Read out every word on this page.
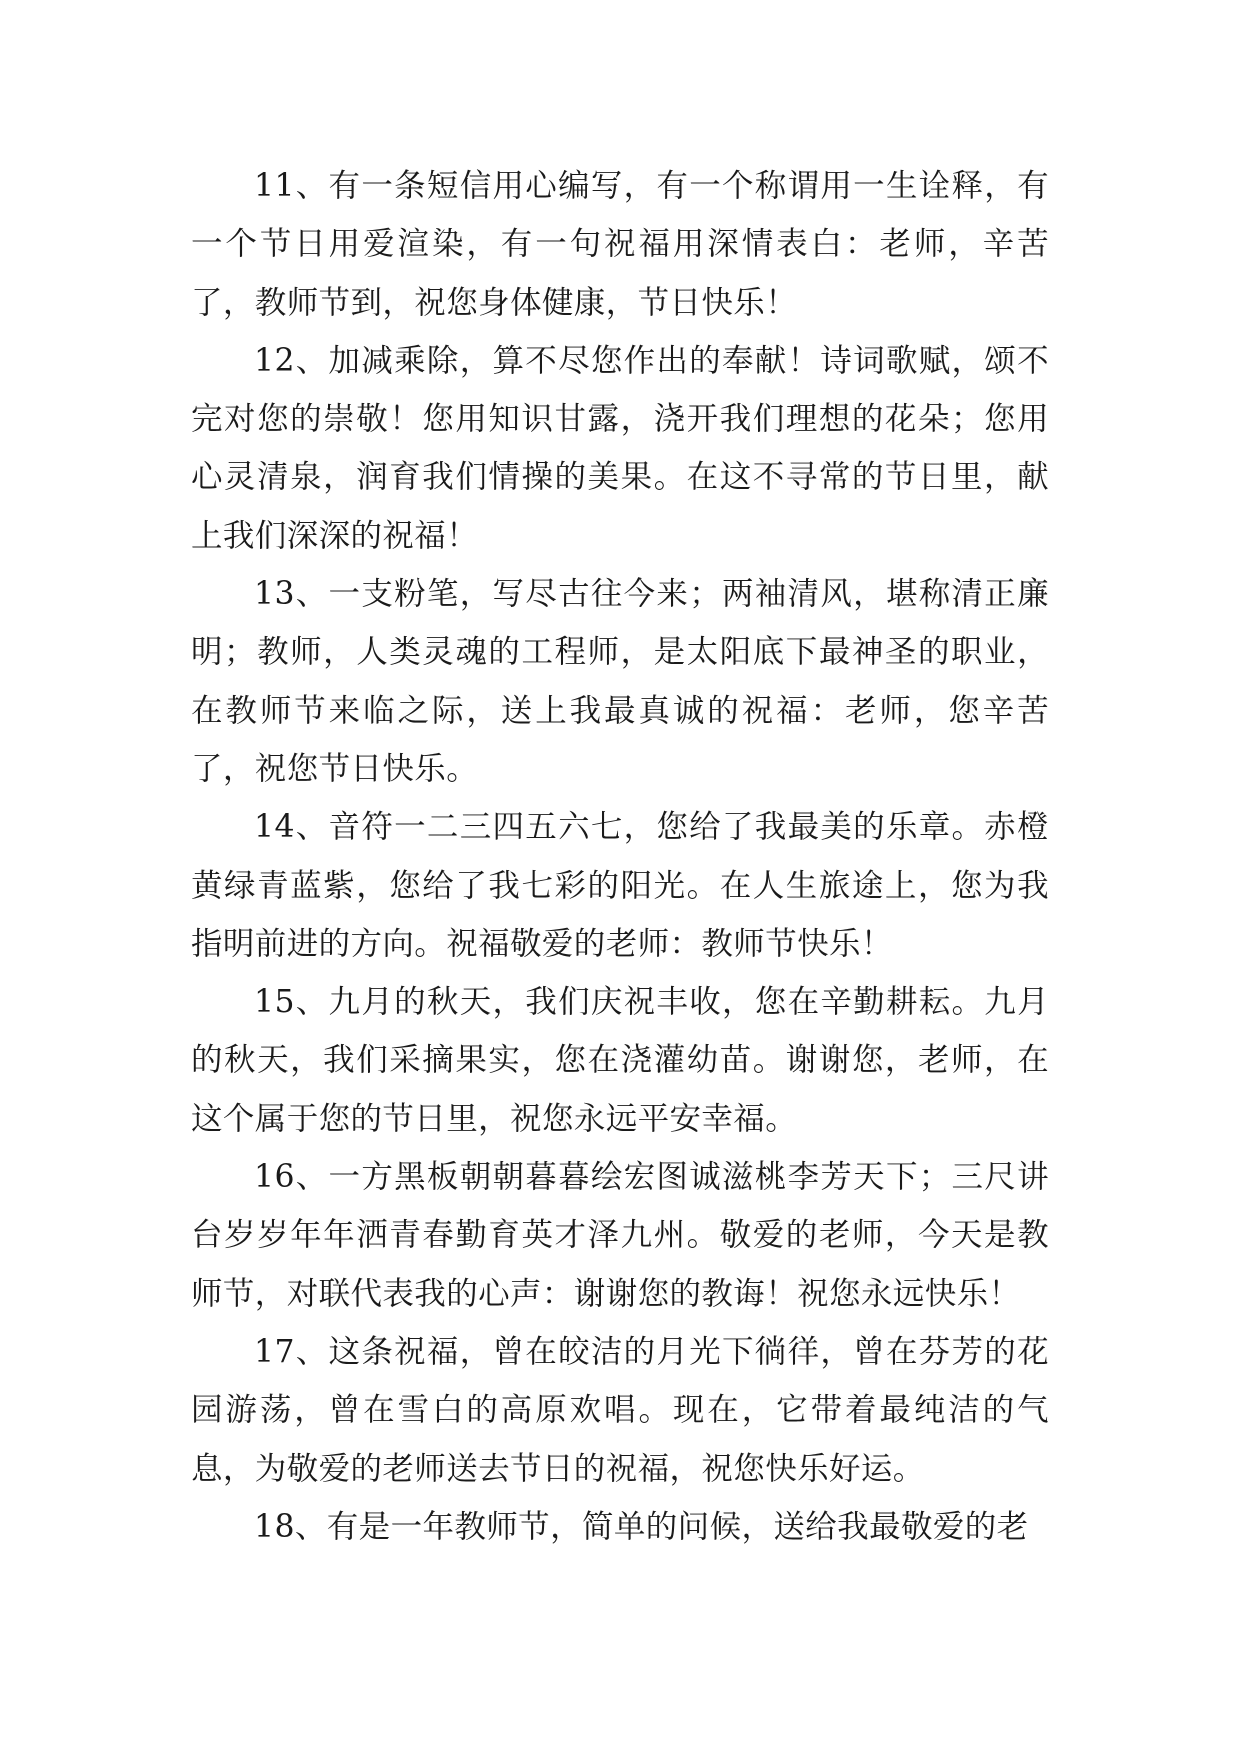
11、有一条短信用心编写，有一个称谓用一生诠释，有一个节日用爱渲染，有一句祝福用深情表白：老师，辛苦了，教师节到，祝您身体健康，节日快乐！

12、加减乘除，算不尽您作出的奉献！诗词歌赋，颂不完对您的崇敬！您用知识甘露，浇开我们理想的花朵；您用心灵清泉，润育我们情操的美果。在这不寻常的节日里，献上我们深深的祝福！

13、一支粉笔，写尽古往今来；两袖清风，堪称清正廉明；教师，人类灵魂的工程师，是太阳底下最神圣的职业，在教师节来临之际，送上我最真诚的祝福：老师，您辛苦了，祝您节日快乐。

14、音符一二三四五六七，您给了我最美的乐章。赤橙黄绿青蓝紫，您给了我七彩的阳光。在人生旅途上，您为我指明前进的方向。祝福敬爱的老师：教师节快乐！

15、九月的秋天，我们庆祝丰收，您在辛勤耕耘。九月的秋天，我们采摘果实，您在浇灌幼苗。谢谢您，老师，在这个属于您的节日里，祝您永远平安幸福。

16、一方黑板朝朝暮暮绘宏图诚滋桃李芳天下；三尺讲台岁岁年年洒青春勤育英才泽九州。敬爱的老师，今天是教师节，对联代表我的心声：谢谢您的教诲！祝您永远快乐！

17、这条祝福，曾在皎洁的月光下徜徉，曾在芬芳的花园游荡，曾在雪白的高原欢唱。现在，它带着最纯洁的气息，为敬爱的老师送去节日的祝福，祝您快乐好运。

18、有是一年教师节，简单的问候，送给我最敬爱的老
